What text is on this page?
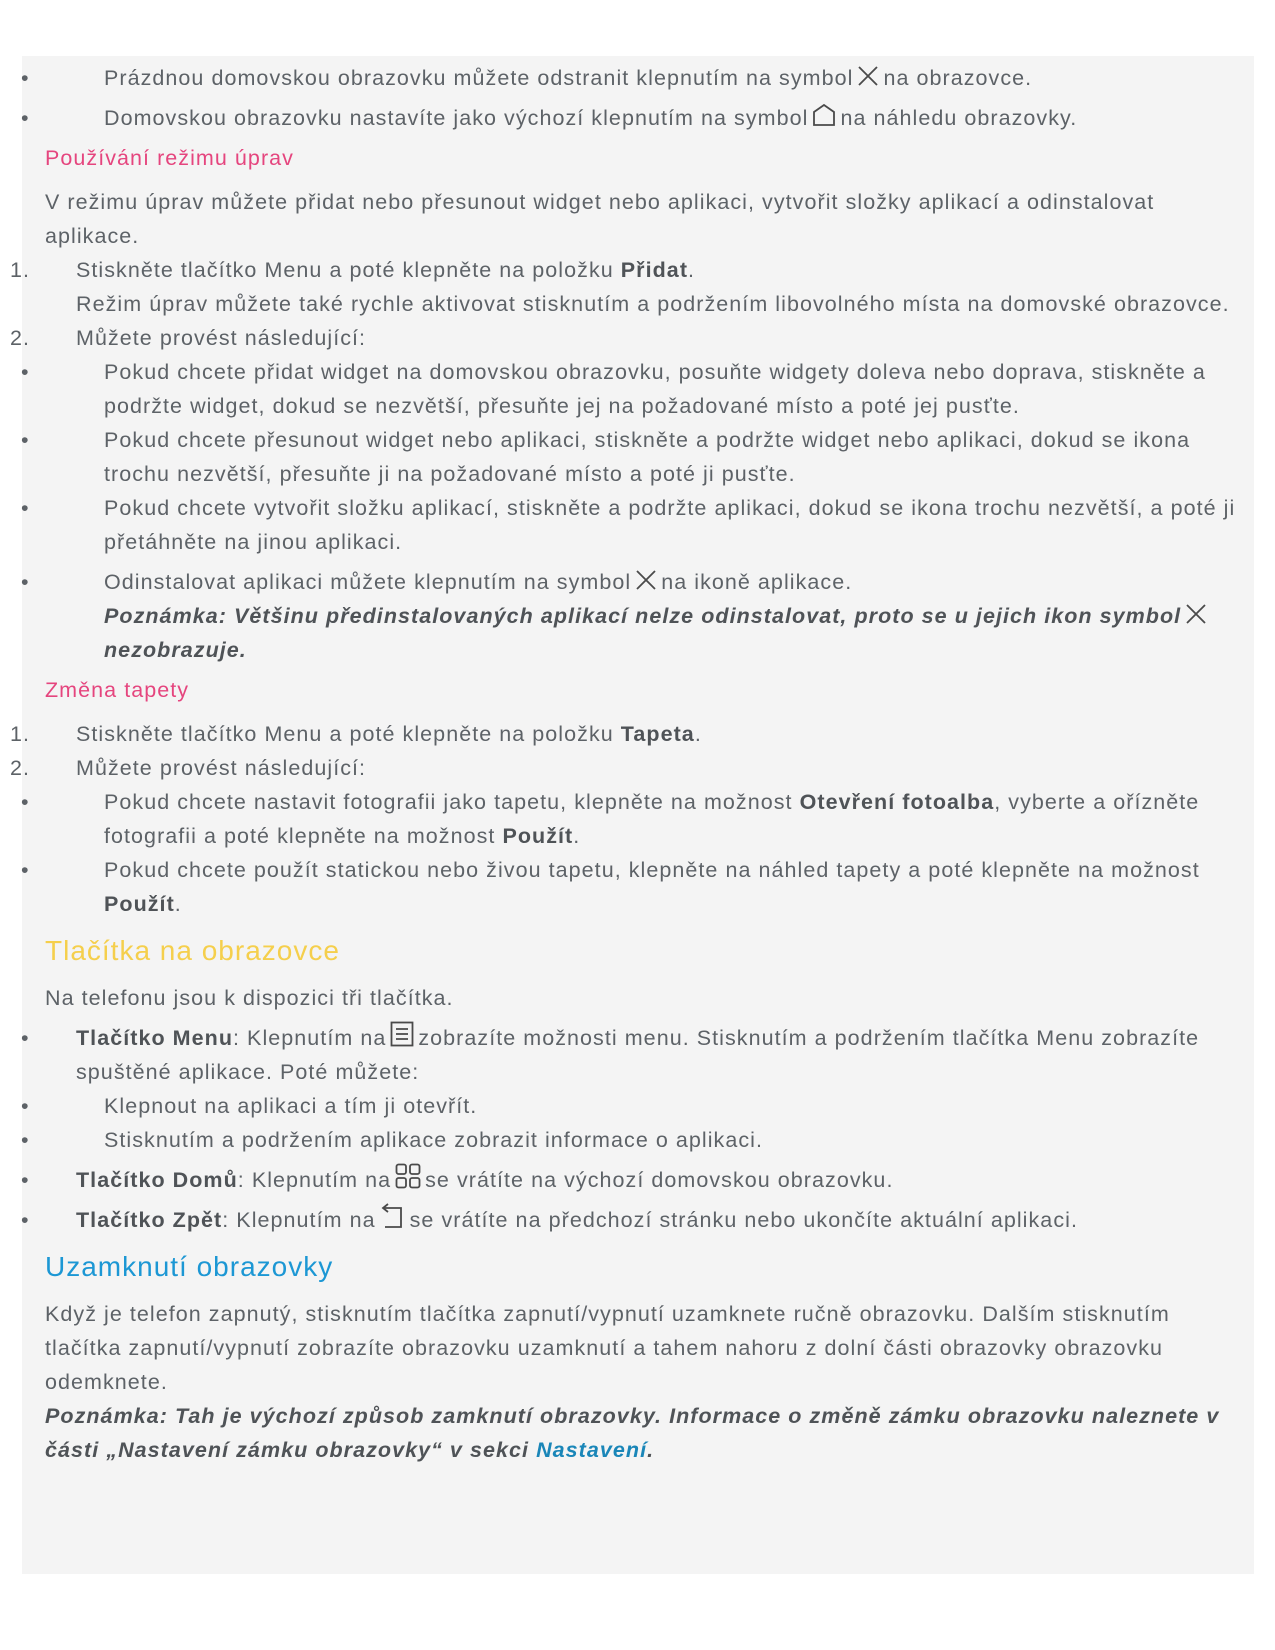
•	Prázdnou domovskou obrazovku můžete odstranit klepnutím na symbol na obrazovce.
•	Domovskou obrazovku nastavíte jako výchozí klepnutím na symbol na náhledu obrazovky.
Používání režimu úprav

V režimu úprav můžete přidat nebo přesunout widget nebo aplikaci, vytvořit složky aplikací a odinstalovat aplikace.

1. Stiskněte tlačítko Menu a poté klepněte na položku Přidat.
Režim úprav můžete také rychle aktivovat stisknutím a podržením libovolného místa na domovské obrazovce.
2. Můžete provést následující:
•	Pokud chcete přidat widget na domovskou obrazovku, posuňte widgety doleva nebo doprava, stiskněte a podržte widget, dokud se nezvětší, přesuňte jej na požadované místo a poté jej pusťte.
•	Pokud chcete přesunout widget nebo aplikaci, stiskněte a podržte widget nebo aplikaci, dokud se ikona trochu nezvětší, přesuňte ji na požadované místo a poté ji pusťte.
•	Pokud chcete vytvořit složku aplikací, stiskněte a podržte aplikaci, dokud se ikona trochu nezvětší, a poté ji přetáhněte na jinou aplikaci.
•	Odinstalovat aplikaci můžete klepnutím na symbol na ikoně aplikace.
Poznámka: Většinu předinstalovaných aplikací nelze odinstalovat, proto se u jejich ikon symbol
nezobrazuje.
Změna tapety
1. Stiskněte tlačítko Menu a poté klepněte na položku Tapeta.
2. Můžete provést následující:
•	Pokud chcete nastavit fotografii jako tapetu, klepněte na možnost Otevření fotoalba, vyberte a ořízněte fotografii a poté klepněte na možnost Použít.
•	Pokud chcete použít statickou nebo živou tapetu, klepněte na náhled tapety a poté klepněte na možnost Použít.
Tlačítka na obrazovce

Na telefonu jsou k dispozici tři tlačítka.

• Tlačítko Menu: Klepnutím na zobrazíte možnosti menu. Stisknutím a podržením tlačítka Menu zobrazíte spuštěné aplikace. Poté můžete:
•	Klepnout na aplikaci a tím ji otevřít.
•	Stisknutím a podržením aplikace zobrazit informace o aplikaci.
• Tlačítko Domů: Klepnutím na se vrátíte na výchozí domovskou obrazovku.
• Tlačítko Zpět: Klepnutím na se vrátíte na předchozí stránku nebo ukončíte aktuální aplikaci.
Uzamknutí obrazovky

Když je telefon zapnutý, stisknutím tlačítka zapnutí/vypnutí uzamknete ručně obrazovku. Dalším stisknutím tlačítka zapnutí/vypnutí zobrazíte obrazovku uzamknutí a tahem nahoru z dolní části obrazovky obrazovku odemknete.

Poznámka: Tah je výchozí způsob zamknutí obrazovky. Informace o změně zámku obrazovku naleznete v části „Nastavení zámku obrazovky“ v sekci Nastavení.
